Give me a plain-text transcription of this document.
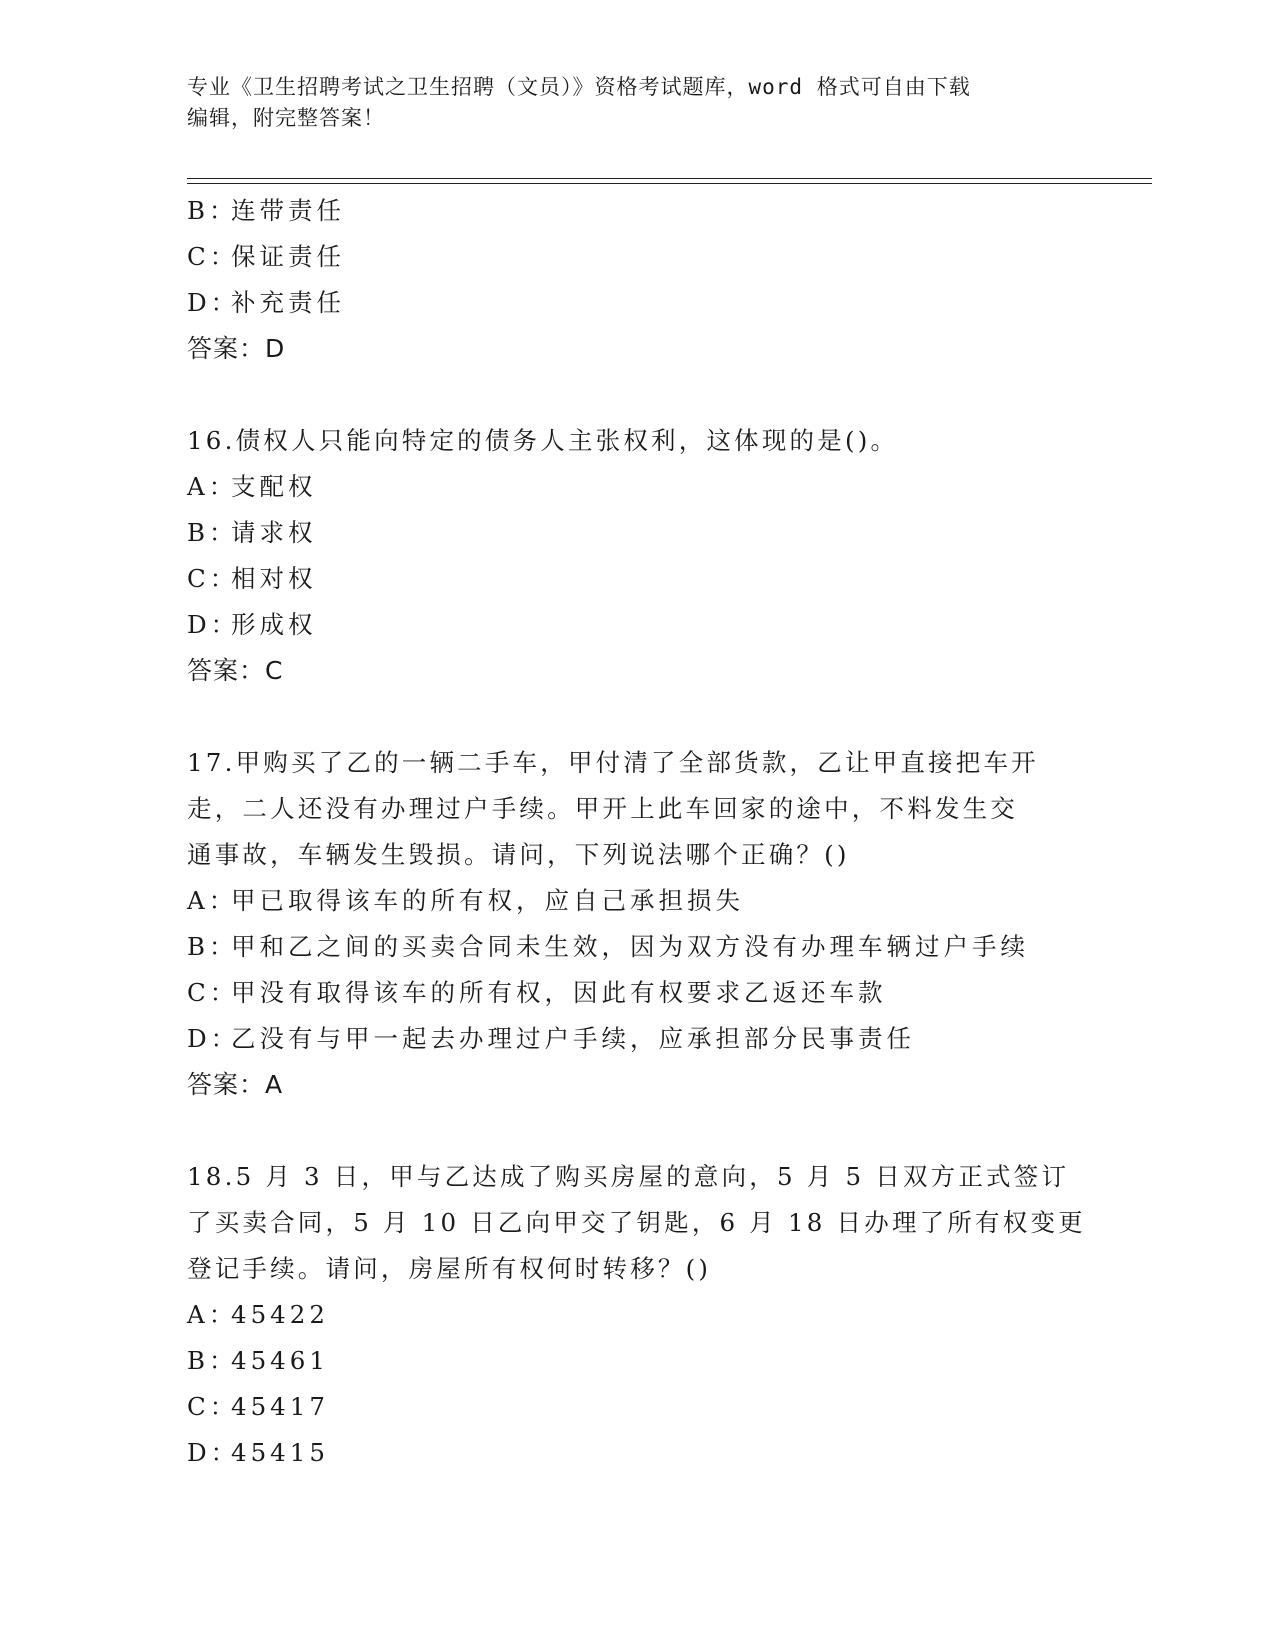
专业《卫生招聘考试之卫生招聘（文员）》资格考试题库，word 格式可自由下载
编辑，附完整答案！
B：连带责任
C：保证责任
D：补充责任
答案：D
16.债权人只能向特定的债务人主张权利，这体现的是()。
A：支配权
B：请求权
C：相对权
D：形成权
答案：C
17.甲购买了乙的一辆二手车，甲付清了全部货款，乙让甲直接把车开
走，二人还没有办理过户手续。甲开上此车回家的途中，不料发生交
通事故，车辆发生毁损。请问，下列说法哪个正确？()
A：甲已取得该车的所有权，应自己承担损失
B：甲和乙之间的买卖合同未生效，因为双方没有办理车辆过户手续
C：甲没有取得该车的所有权，因此有权要求乙返还车款
D：乙没有与甲一起去办理过户手续，应承担部分民事责任
答案：A
18.5 月 3 日，甲与乙达成了购买房屋的意向，5 月 5 日双方正式签订
了买卖合同，5 月 10 日乙向甲交了钥匙，6 月 18 日办理了所有权变更
登记手续。请问，房屋所有权何时转移？()
A：45422
B：45461
C：45417
D：45415
